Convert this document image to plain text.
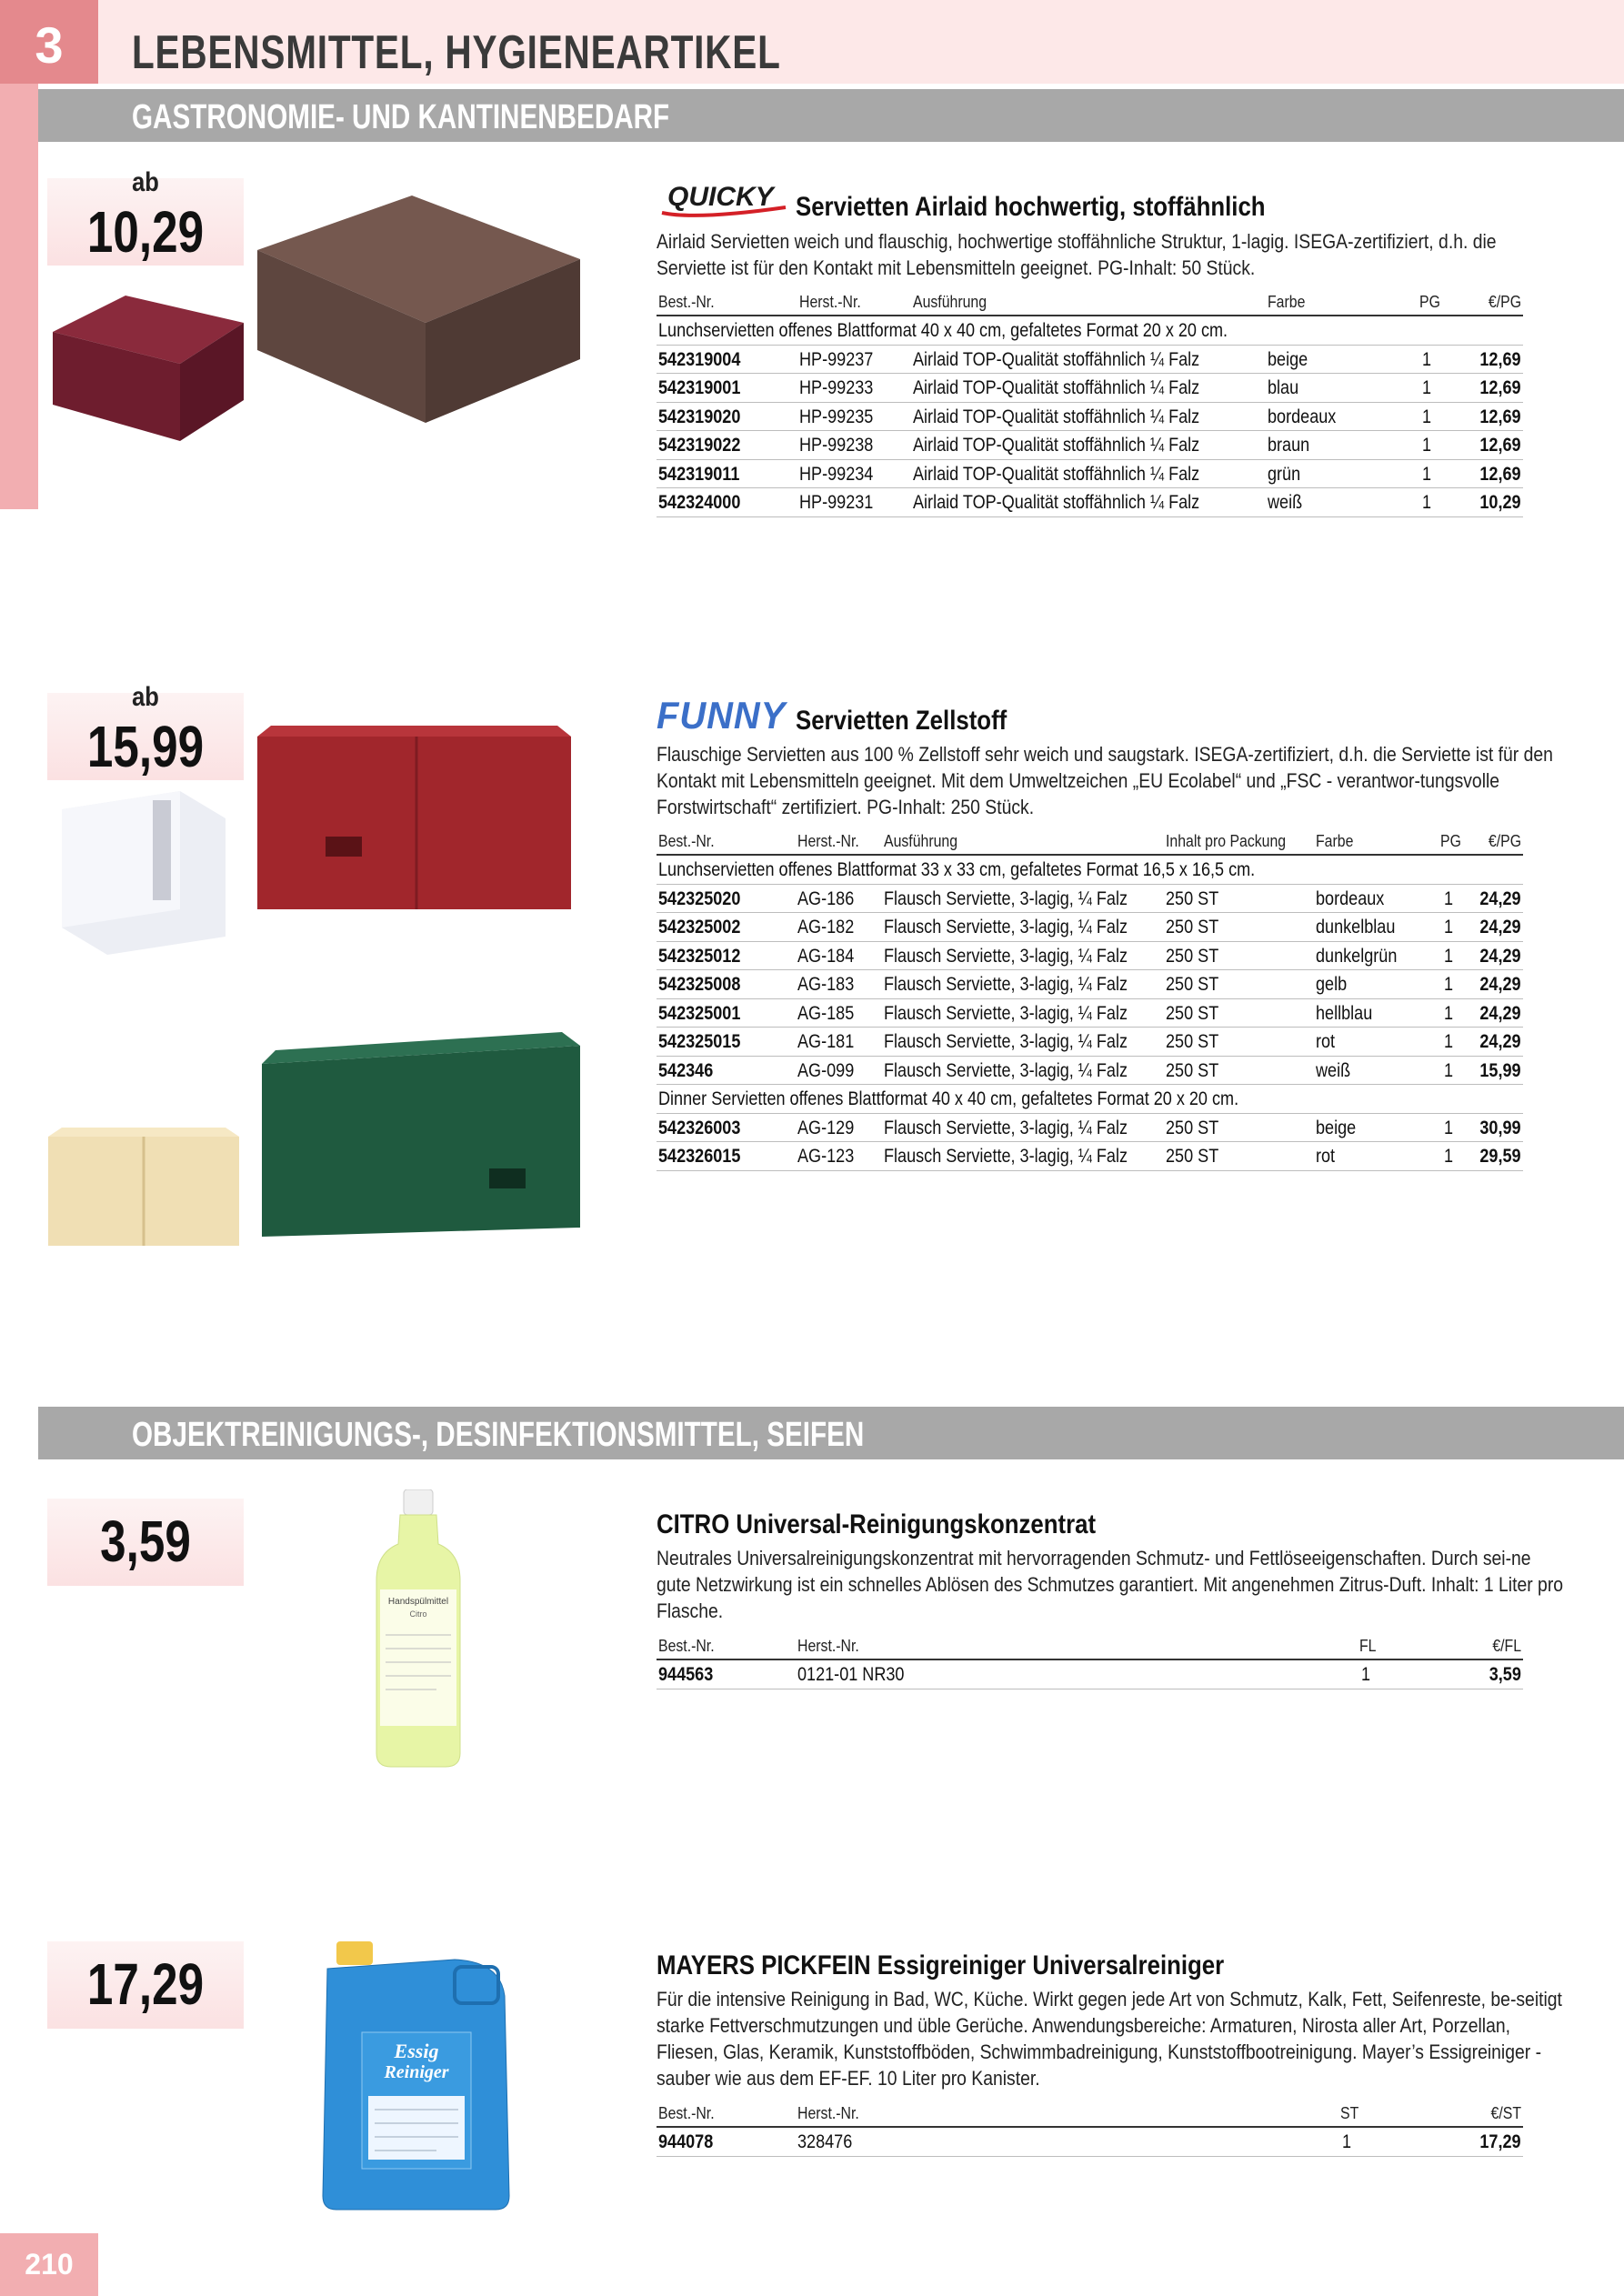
3	LEBENSMITTEL, HYGIENEARTIKEL
GASTRONOMIE- UND KANTINENBEDARF
ab
10,29
QUICKY Servietten Airlaid hochwertig, stoffähnlich
Airlaid Servietten weich und flauschig, hochwertige stoffähnliche Struktur, 1-lagig. ISEGA-zertifiziert, d.h. die Serviette ist für den Kontakt mit Lebensmitteln geeignet. PG-Inhalt: 50 Stück.
Best.-Nr.	Herst.-Nr.	Ausführung	Farbe	PG	€/PG
Lunchservietten offenes Blattformat 40 x 40 cm, gefaltetes Format 20 x 20 cm.
542319004	HP-99237 Airlaid TOP-Qualität stoffähnlich ¼ Falz	beige	1	12,69
542319001	HP-99233 Airlaid TOP-Qualität stoffähnlich ¼ Falz	blau	1	12,69
542319020	HP-99235 Airlaid TOP-Qualität stoffähnlich ¼ Falz	bordeaux	1	12,69
542319022	HP-99238 Airlaid TOP-Qualität stoffähnlich ¼ Falz	braun	1	12,69
542319011	HP-99234 Airlaid TOP-Qualität stoffähnlich ¼ Falz	grün	1	12,69
542324000	HP-99231 Airlaid TOP-Qualität stoffähnlich ¼ Falz	weiß	1	10,29
ab
15,99	FUNNY Servietten Zellstoff
Flauschige Servietten aus 100 % Zellstoff sehr weich und saugstark. ISEGA-zertifiziert, d.h. die Serviette ist für den Kontakt mit Lebensmitteln geeignet. Mit dem Umweltzeichen „EU Ecolabel“ und „FSC - verantwor-tungsvolle Forstwirtschaft“ zertifiziert. PG-Inhalt: 250 Stück.
Best.-Nr.	Herst.-Nr. Ausführung	Inhalt pro Packung Farbe	PG €/PG
Lunchservietten offenes Blattformat 33 x 33 cm, gefaltetes Format 16,5 x 16,5 cm.
542325020	AG-186 Flausch Serviette, 3-lagig, ¼ Falz 250 ST	bordeaux	1 24,29
542325002	AG-182 Flausch Serviette, 3-lagig, ¼ Falz 250 ST	dunkelblau	1 24,29
542325012	AG-184 Flausch Serviette, 3-lagig, ¼ Falz 250 ST	dunkelgrün 1 24,29
542325008	AG-183 Flausch Serviette, 3-lagig, ¼ Falz 250 ST	gelb	1 24,29
542325001	AG-185 Flausch Serviette, 3-lagig, ¼ Falz 250 ST	hellblau	1 24,29
542325015	AG-181 Flausch Serviette, 3-lagig, ¼ Falz 250 ST	rot	1 24,29
542346	AG-099 Flausch Serviette, 3-lagig, ¼ Falz 250 ST	weiß	1 15,99
Dinner Servietten offenes Blattformat 40 x 40 cm, gefaltetes Format 20 x 20 cm.
542326003	AG-129 Flausch Serviette, 3-lagig, ¼ Falz 250 ST	beige	1 30,99
542326015	AG-123 Flausch Serviette, 3-lagig, ¼ Falz 250 ST	rot	1 29,59
OBJEKTREINIGUNGS-, DESINFEKTIONSMITTEL, SEIFEN
3,59
Handspülmittel
Citro
CITRO Universal-Reinigungskonzentrat
Neutrales Universalreinigungskonzentrat mit hervorragenden Schmutz- und Fettlöseeigenschaften. Durch sei-ne gute Netzwirkung ist ein schnelles Ablösen des Schmutzes garantiert. Mit angenehmen Zitrus-Duft. Inhalt: 1 Liter pro Flasche.
Best.-Nr.	Herst.-Nr.	FL	€/FL
944563	0121-01 NR30	1	3,59
17,29
Essig
Reiniger
MAYERS PICKFEIN Essigreiniger Universalreiniger
Für die intensive Reinigung in Bad, WC, Küche. Wirkt gegen jede Art von Schmutz, Kalk, Fett, Seifenreste, be-seitigt starke Fettverschmutzungen und üble Gerüche. Anwendungsbereiche: Armaturen, Nirosta aller Art, Porzellan, Fliesen, Glas, Keramik, Kunststoffböden, Schwimmbadreinigung, Kunststoffbootreinigung. Mayer’s Essigreiniger - sauber wie aus dem EF-EF. 10 Liter pro Kanister.
Best.-Nr.	Herst.-Nr.	ST	€/ST
944078	328476	1	17,29
210
